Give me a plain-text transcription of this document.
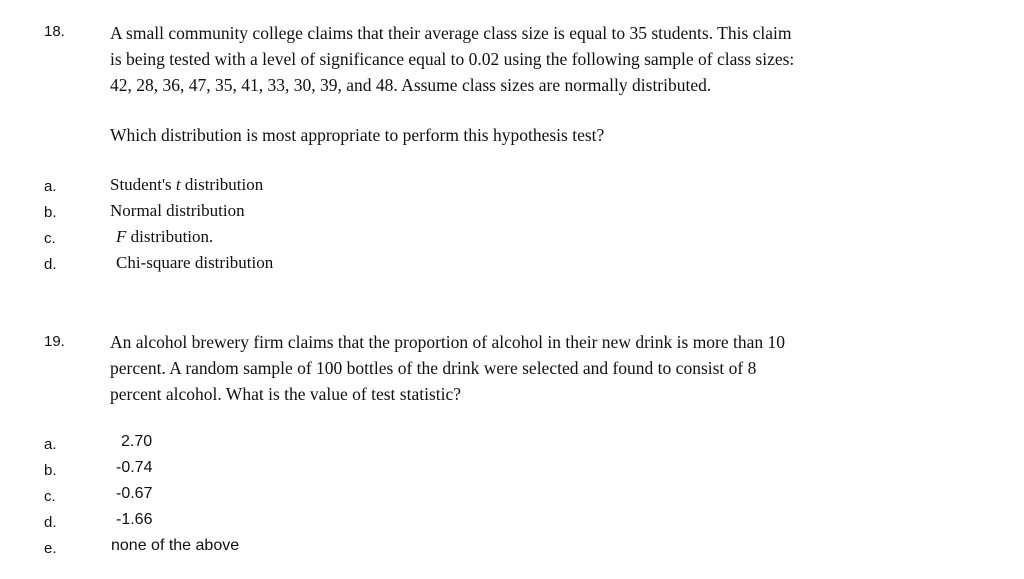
18.	A small community college claims that their average class size is equal to 35 students. This claim
is being tested with a level of significance equal to 0.02 using the following sample of class sizes:
42, 28, 36, 47, 35, 41, 33, 30, 39, and 48. Assume class sizes are normally distributed.
Which distribution is most appropriate to perform this hypothesis test?
a.	Student's t distribution
b.	Normal distribution
c.	F distribution.
d.	Chi-square distribution
19.	An alcohol brewery firm claims that the proportion of alcohol in their new drink is more than 10
percent. A random sample of 100 bottles of the drink were selected and found to consist of 8
percent alcohol. What is the value of test statistic?
a.	2.70
b.	-0.74
c.	-0.67
d.	-1.66
e.	none of the above
